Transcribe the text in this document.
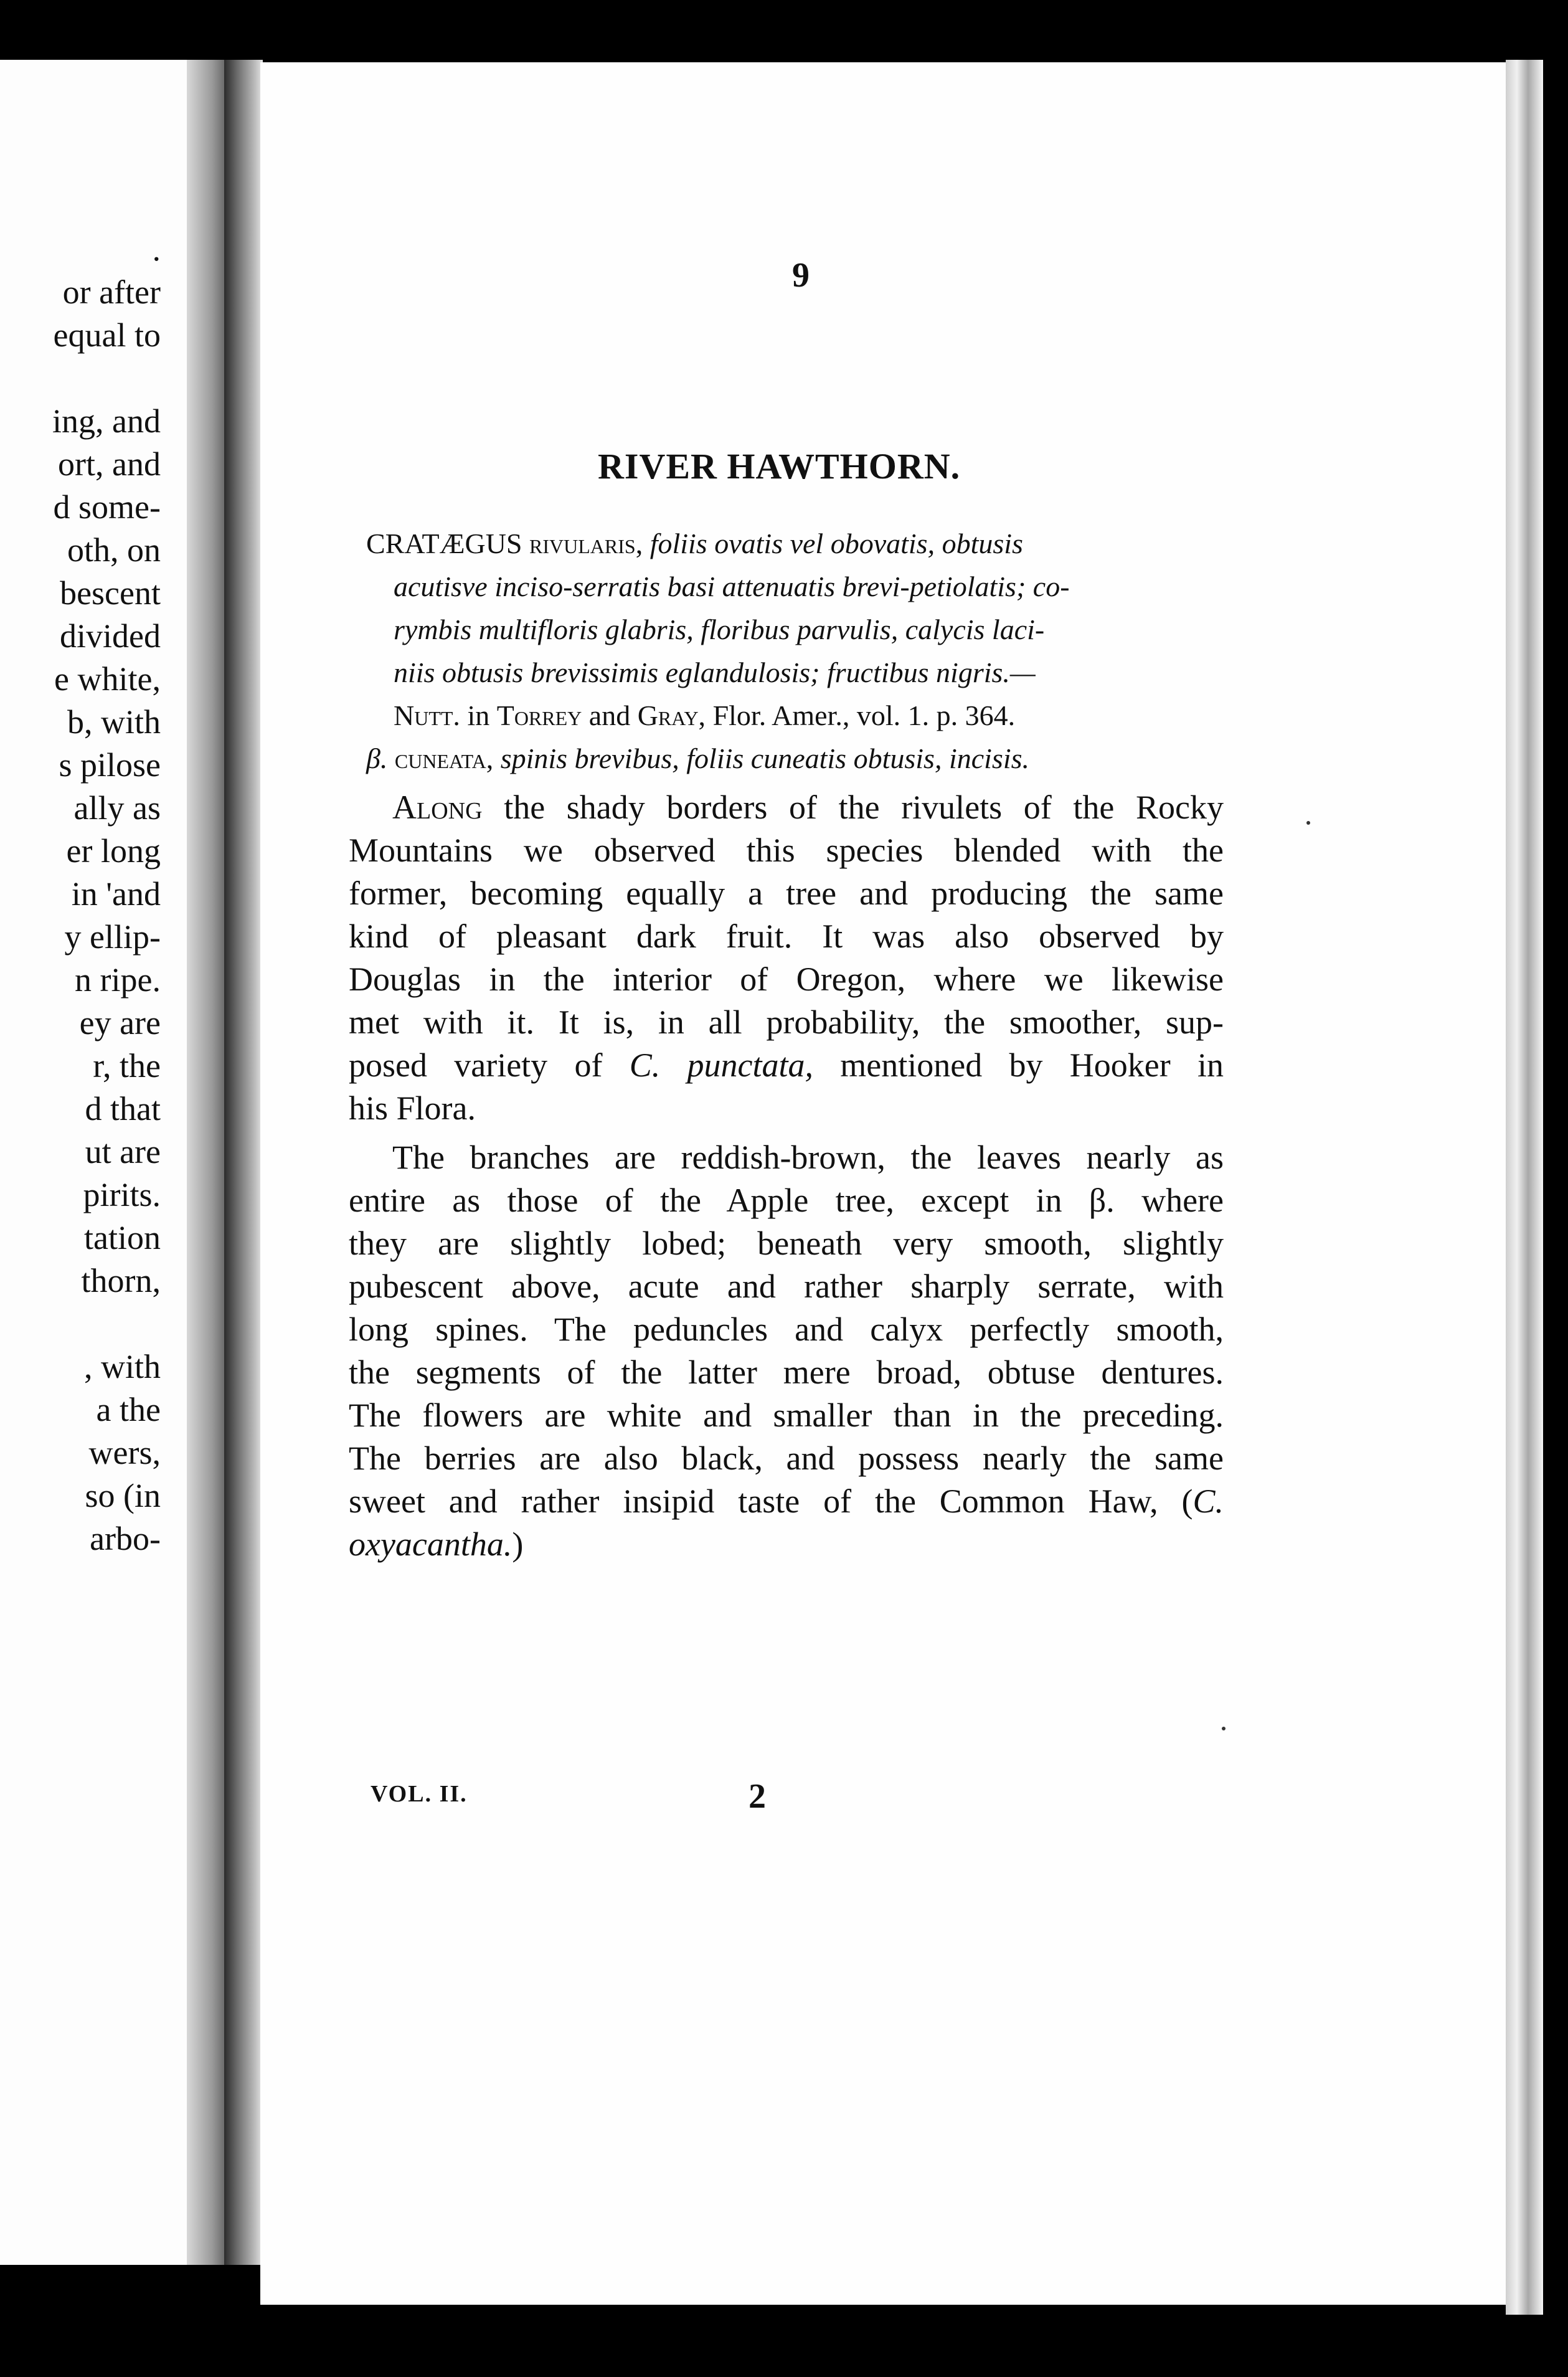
.
or after
equal to
ing, and
ort, and
d some-
oth, on
bescent
divided
e white,
b, with
s pilose
ally as
er long
in 'and
y ellip-
n ripe.
ey are
r, the
d that
ut are
pirits.
tation
thorn,
, with
a the
wers,
so (in
arbo-
9
RIVER HAWTHORN.
CRATÆGUS rivularis, foliis ovatis vel obovatis, obtusis
acutisve inciso-serratis basi attenuatis brevi-petiolatis; co-
rymbis multifloris glabris, floribus parvulis, calycis laci-
niis obtusis brevissimis eglandulosis; fructibus nigris.—
Nutt. in Torrey and Gray, Flor. Amer., vol. 1. p. 364.
β. cuneata, spinis brevibus, foliis cuneatis obtusis, incisis.
Along the shady borders of the rivulets of the Rocky
Mountains we observed this species blended with the
former, becoming equally a tree and producing the same
kind of pleasant dark fruit. It was also observed by
Douglas in the interior of Oregon, where we likewise
met with it. It is, in all probability, the smoother, sup-
posed variety of C. punctata, mentioned by Hooker in
his Flora.
The branches are reddish-brown, the leaves nearly as
entire as those of the Apple tree, except in β. where
they are slightly lobed; beneath very smooth, slightly
pubescent above, acute and rather sharply serrate, with
long spines. The peduncles and calyx perfectly smooth,
the segments of the latter mere broad, obtuse dentures.
The flowers are white and smaller than in the preceding.
The berries are also black, and possess nearly the same
sweet and rather insipid taste of the Common Haw, (C.
oxyacantha.)
VOL. II.	2
